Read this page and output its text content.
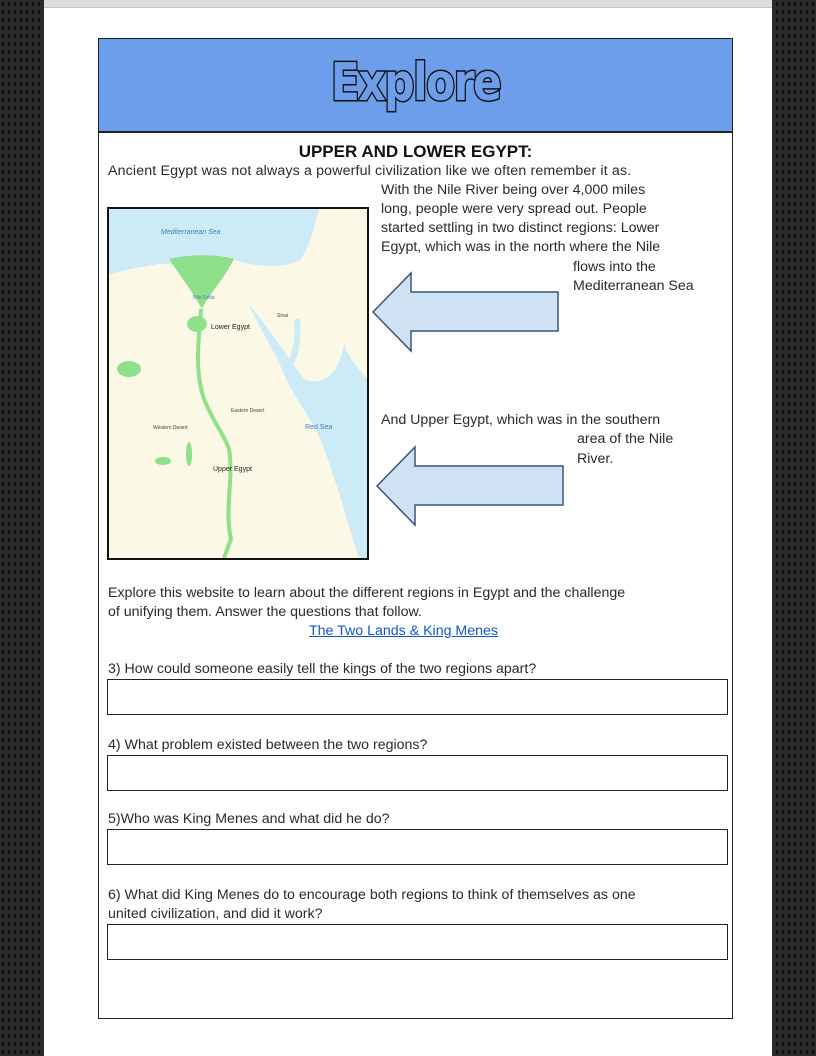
Explore
UPPER AND LOWER EGYPT:
Ancient Egypt was not always a powerful civilization like we often remember it as.
With the Nile River being over 4,000 miles
long, people were very spread out. People
started settling in two distinct regions: Lower
Egypt, which was in the north where the Nile
flows into the
Mediterranean Sea
And Upper Egypt, which was in the southern
area of the Nile
River.
Mediterranean Sea
Nile Delta
Sinai
Lower Egypt
Eastern Desert
Western Desert	Red Sea
Upper Egypt
Explore this website to learn about the different regions in Egypt and the challenge
of unifying them. Answer the questions that follow.
The Two Lands & King Menes
3) How could someone easily tell the kings of the two regions apart?
4) What problem existed between the two regions?
5)Who was King Menes and what did he do?
6) What did King Menes do to encourage both regions to think of themselves as one
united civilization, and did it work?
